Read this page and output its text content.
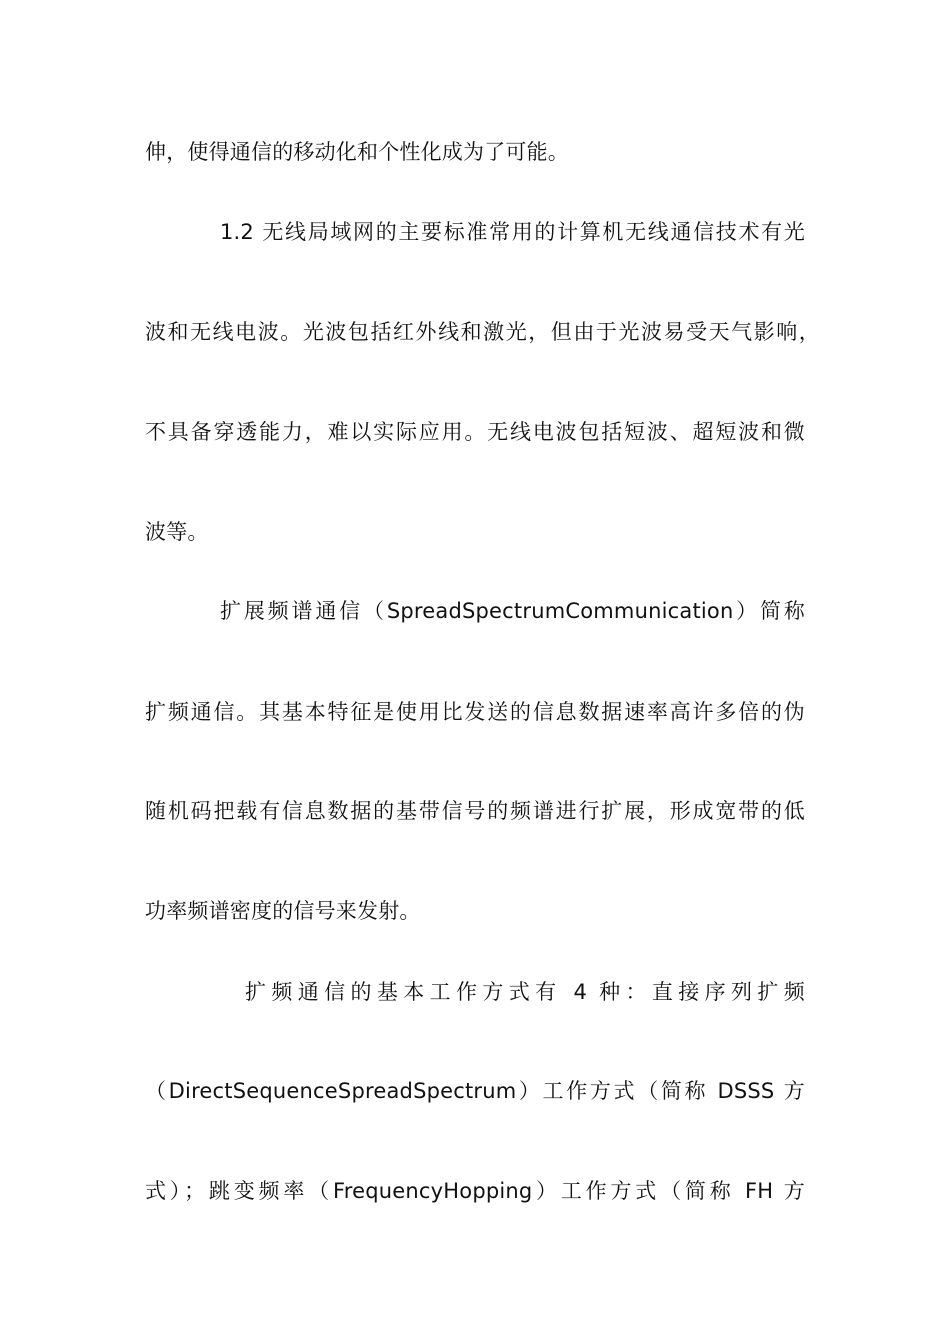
伸，使得通信的移动化和个性化成为了可能。
1.2 无线局域网的主要标准常用的计算机无线通信技术有光
波和无线电波。光波包括红外线和激光，但由于光波易受天气影响，
不具备穿透能力，难以实际应用。无线电波包括短波、超短波和微
波等。
扩展频谱通信（SpreadSpectrumCommunication）简称
扩频通信。其基本特征是使用比发送的信息数据速率高许多倍的伪
随机码把载有信息数据的基带信号的频谱进行扩展，形成宽带的低
功率频谱密度的信号来发射。
扩频通信的基本工作方式有 4 种：直接序列扩频
（DirectSequenceSpreadSpectrum）工作方式（简称 DSSS 方
式）；跳变频率（FrequencyHopping）工作方式（简称 FH 方
